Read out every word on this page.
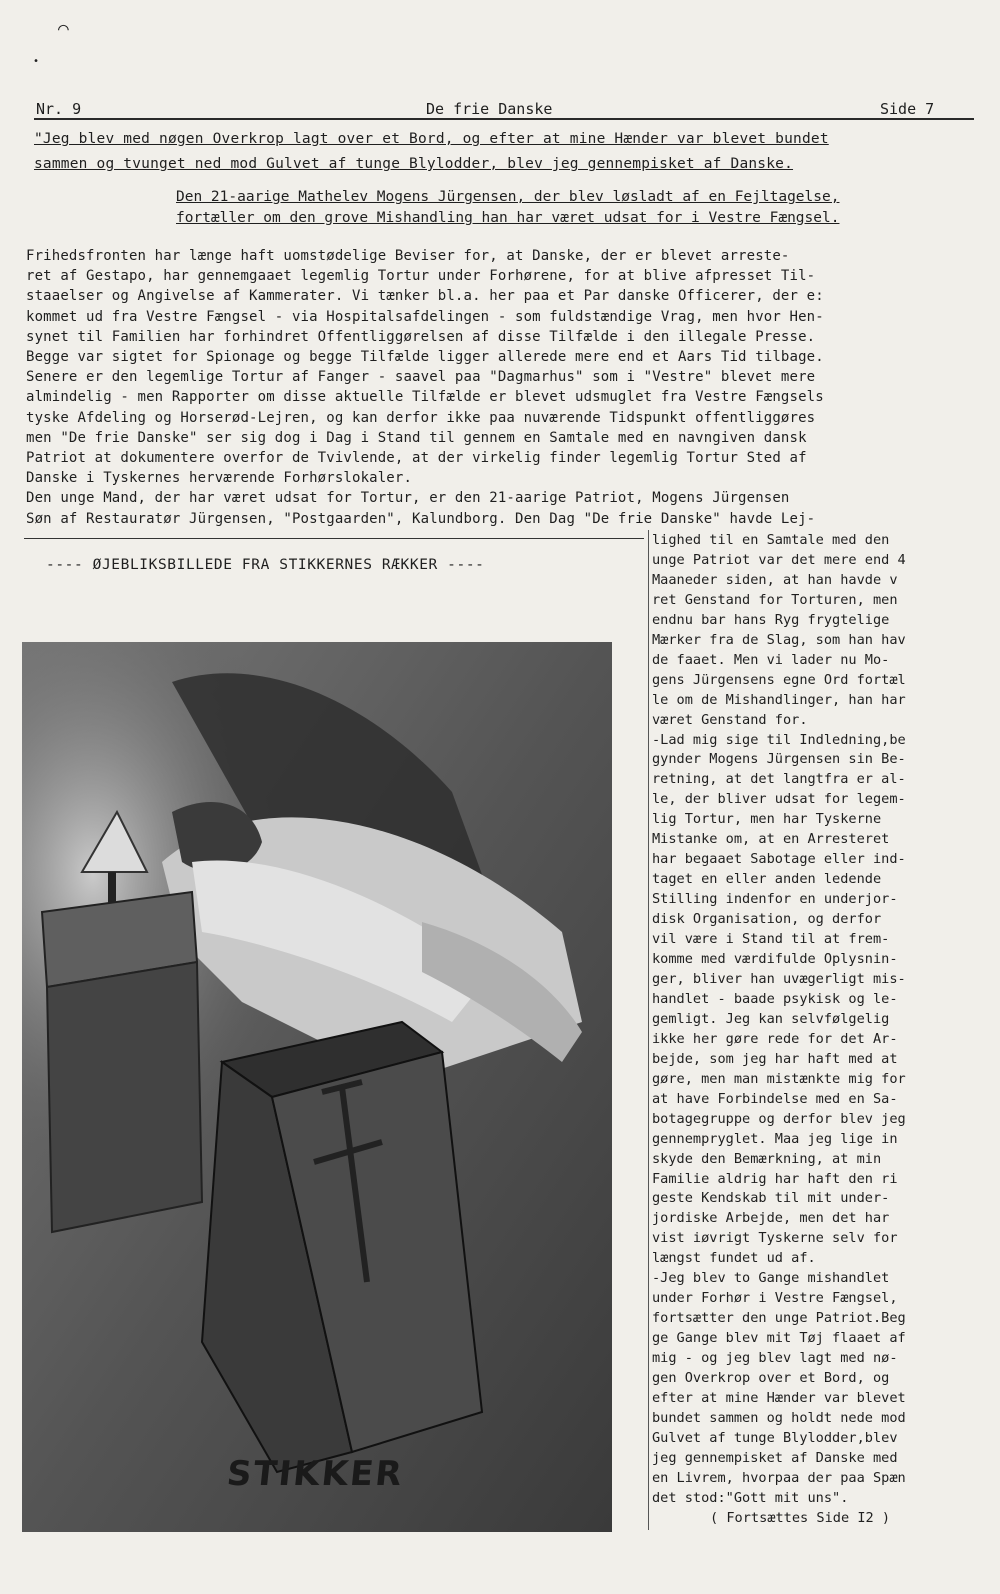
⌒
•
Nr. 9	De frie Danske	Side 7
"Jeg blev med nøgen Overkrop lagt over et Bord, og efter at mine Hænder var blevet bundet
sammen og tvunget ned mod Gulvet af tunge Blylodder, blev jeg gennempisket af Danske.
Den 21-aarige Mathelev Mogens Jürgensen, der blev løsladt af en Fejltagelse,
fortæller om den grove Mishandling han har været udsat for i Vestre Fængsel.
Frihedsfronten har længe haft uomstødelige Beviser for, at Danske, der er blevet arreste-
ret af Gestapo, har gennemgaaet legemlig Tortur under Forhørene, for at blive afpresset Til-
staaelser og Angivelse af Kammerater. Vi tænker bl.a. her paa et Par danske Officerer, der e:
kommet ud fra Vestre Fængsel - via Hospitalsafdelingen - som fuldstændige Vrag, men hvor Hen-
synet til Familien har forhindret Offentliggørelsen af disse Tilfælde i den illegale Presse.
Begge var sigtet for Spionage og begge Tilfælde ligger allerede mere end et Aars Tid tilbage.
Senere er den legemlige Tortur af Fanger - saavel paa "Dagmarhus" som i "Vestre" blevet mere
almindelig - men Rapporter om disse aktuelle Tilfælde er blevet udsmuglet fra Vestre Fængsels
tyske Afdeling og Horserød-Lejren, og kan derfor ikke paa nuværende Tidspunkt offentliggøres
men "De frie Danske" ser sig dog i Dag i Stand til gennem en Samtale med en navngiven dansk
Patriot at dokumentere overfor de Tvivlende, at der virkelig finder legemlig Tortur Sted af
Danske i Tyskernes herværende Forhørslokaler.
Den unge Mand, der har været udsat for Tortur, er den 21-aarige Patriot, Mogens Jürgensen
Søn af Restauratør Jürgensen, "Postgaarden", Kalundborg. Den Dag "De frie Danske" havde Lej-
---- ØJEBLIKSBILLEDE FRA STIKKERNES RÆKKER ----
STIKKER
lighed til en Samtale med den
unge Patriot var det mere end 4
Maaneder siden, at han havde v
ret Genstand for Torturen, men
endnu bar hans Ryg frygtelige
Mærker fra de Slag, som han hav
de faaet. Men vi lader nu Mo-
gens Jürgensens egne Ord fortæl
le om de Mishandlinger, han har
været Genstand for.
-Lad mig sige til Indledning,be
gynder Mogens Jürgensen sin Be-
retning, at det langtfra er al-
le, der bliver udsat for legem-
lig Tortur, men har Tyskerne
Mistanke om, at en Arresteret
har begaaet Sabotage eller ind-
taget en eller anden ledende
Stilling indenfor en underjor-
disk Organisation, og derfor
vil være i Stand til at frem-
komme med værdifulde Oplysnin-
ger, bliver han uvægerligt mis-
handlet - baade psykisk og le-
gemligt. Jeg kan selvfølgelig
ikke her gøre rede for det Ar-
bejde, som jeg har haft med at
gøre, men man mistænkte mig for
at have Forbindelse med en Sa-
botagegruppe og derfor blev jeg
gennempryglet. Maa jeg lige in
skyde den Bemærkning, at min
Familie aldrig har haft den ri
geste Kendskab til mit under-
jordiske Arbejde, men det har
vist iøvrigt Tyskerne selv for
længst fundet ud af.
-Jeg blev to Gange mishandlet
under Forhør i Vestre Fængsel,
fortsætter den unge Patriot.Beg
ge Gange blev mit Tøj flaaet af
mig - og jeg blev lagt med nø-
gen Overkrop over et Bord, og
efter at mine Hænder var blevet
bundet sammen og holdt nede mod
Gulvet af tunge Blylodder,blev
jeg gennempisket af Danske med
en Livrem, hvorpaa der paa Spæn
det stod:"Gott mit uns".
( Fortsættes Side I2 )
